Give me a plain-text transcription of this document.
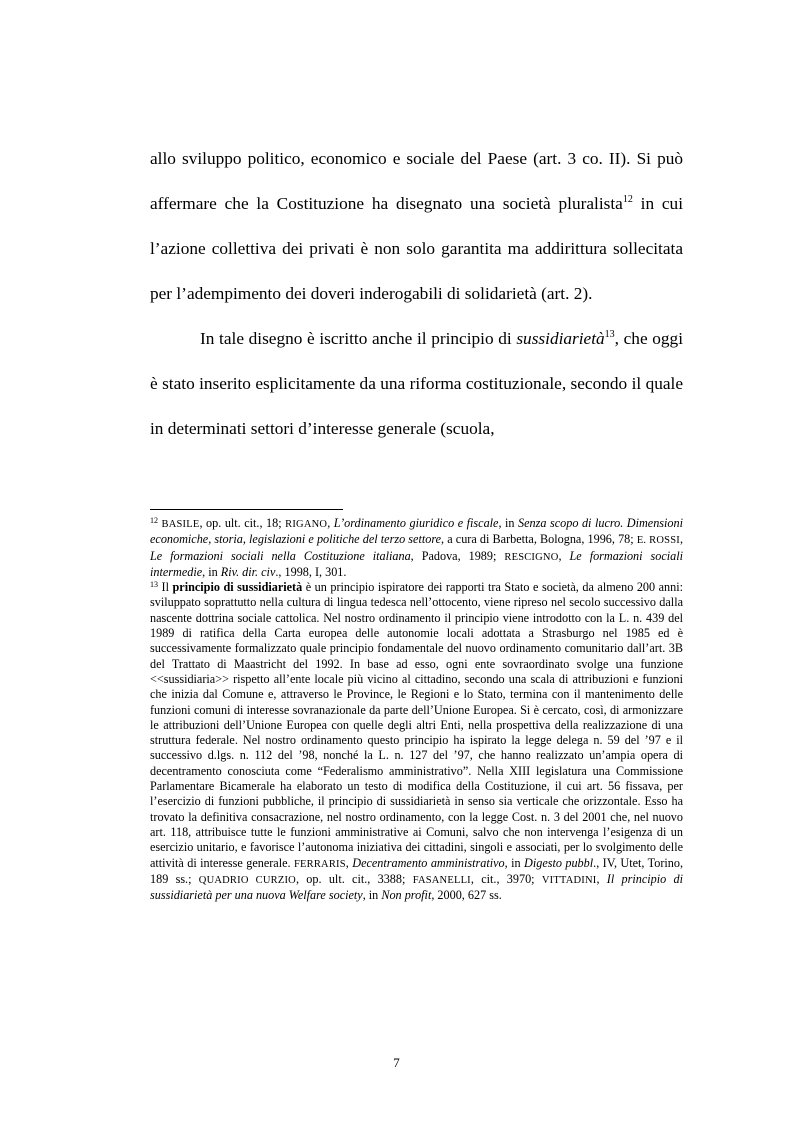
allo sviluppo politico, economico e sociale del Paese (art. 3 co. II). Si può affermare che la Costituzione ha disegnato una società pluralista$^{12}$ in cui l’azione collettiva dei privati è non solo garantita ma addirittura sollecitata per l’adempimento dei doveri inderogabili di solidarietà (art. 2).

In tale disegno è iscritto anche il principio di sussidiarietà$^{13}$, che oggi è stato inserito esplicitamente da una riforma costituzionale, secondo il quale in determinati settori d’interesse generale (scuola,

$^{12}$ BASILE, op. ult. cit., 18; RIGANO, L’ordinamento giuridico e fiscale, in Senza scopo di lucro. Dimensioni economiche, storia, legislazioni e politiche del terzo settore, a cura di Barbetta, Bologna, 1996, 78; E. ROSSI, Le formazioni sociali nella Costituzione italiana, Padova, 1989; RESCIGNO, Le formazioni sociali intermedie, in Riv. dir. civ., 1998, I, 301.

$^{13}$ Il principio di sussidiarietà è un principio ispiratore dei rapporti tra Stato e società, da almeno 200 anni: sviluppato soprattutto nella cultura di lingua tedesca nell’ottocento, viene ripreso nel secolo successivo dalla nascente dottrina sociale cattolica. Nel nostro ordinamento il principio viene introdotto con la L. n. 439 del 1989 di ratifica della Carta europea delle autonomie locali adottata a Strasburgo nel 1985 ed è successivamente formalizzato quale principio fondamentale del nuovo ordinamento comunitario dall’art. 3B del Trattato di Maastricht del 1992. In base ad esso, ogni ente sovraordinato svolge una funzione <<sussidiaria>> rispetto all’ente locale più vicino al cittadino, secondo una scala di attribuzioni e funzioni che inizia dal Comune e, attraverso le Province, le Regioni e lo Stato, termina con il mantenimento delle funzioni comuni di interesse sovranazionale da parte dell’Unione Europea. Si è cercato, così, di armonizzare le attribuzioni dell’Unione Europea con quelle degli altri Enti, nella prospettiva della realizzazione di una struttura federale. Nel nostro ordinamento questo principio ha ispirato la legge delega n. 59 del ’97 e il successivo d.lgs. n. 112 del ’98, nonché la L. n. 127 del ’97, che hanno realizzato un’ampia opera di decentramento conosciuta come “Federalismo amministrativo”. Nella XIII legislatura una Commissione Parlamentare Bicamerale ha elaborato un testo di modifica della Costituzione, il cui art. 56 fissava, per l’esercizio di funzioni pubbliche, il principio di sussidiarietà in senso sia verticale che orizzontale. Esso ha trovato la definitiva consacrazione, nel nostro ordinamento, con la legge Cost. n. 3 del 2001 che, nel nuovo art. 118, attribuisce tutte le funzioni amministrative ai Comuni, salvo che non intervenga l’esigenza di un esercizio unitario, e favorisce l’autonoma iniziativa dei cittadini, singoli e associati, per lo svolgimento delle attività di interesse generale. FERRARIS, Decentramento amministrativo, in Digesto pubbl., IV, Utet, Torino, 189 ss.; QUADRIO CURZIO, op. ult. cit., 3388; FASANELLI, cit., 3970; VITTADINI, Il principio di sussidiarietà per una nuova Welfare society, in Non profit, 2000, 627 ss.

7
